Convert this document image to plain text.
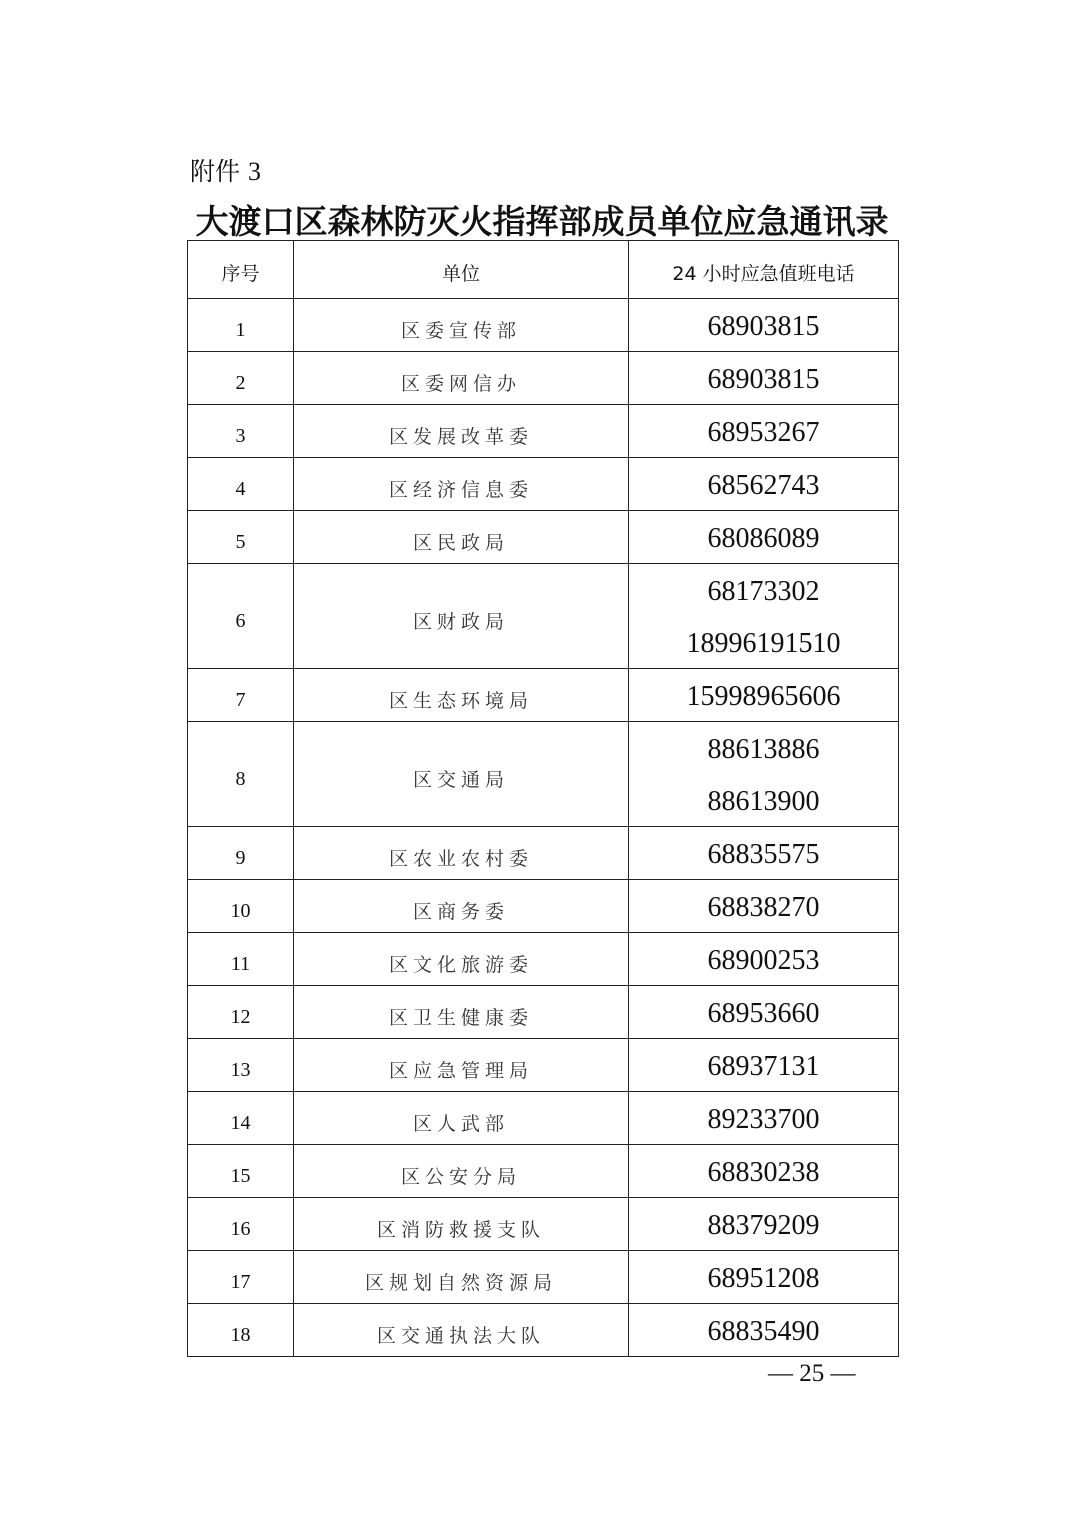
附件 3
大渡口区森林防灭火指挥部成员单位应急通讯录
序号	单位	24 小时应急值班电话
1	区委宣传部	68903815

2	区委网信办	68903815

3	区发展改革委	68953267

4	区经济信息委	68562743

5	区民政局	68086089

6	区财政局	68173302
18996191510

7	区生态环境局	15998965606

8	区交通局	88613886
88613900

9	区农业农村委	68835575

10	区商务委	68838270

11	区文化旅游委	68900253

12	区卫生健康委	68953660

13	区应急管理局	68937131

14	区人武部	89233700

15	区公安分局	68830238

16	区消防救援支队	88379209

17	区规划自然资源局	68951208

18	区交通执法大队	68835490
— 25 —
